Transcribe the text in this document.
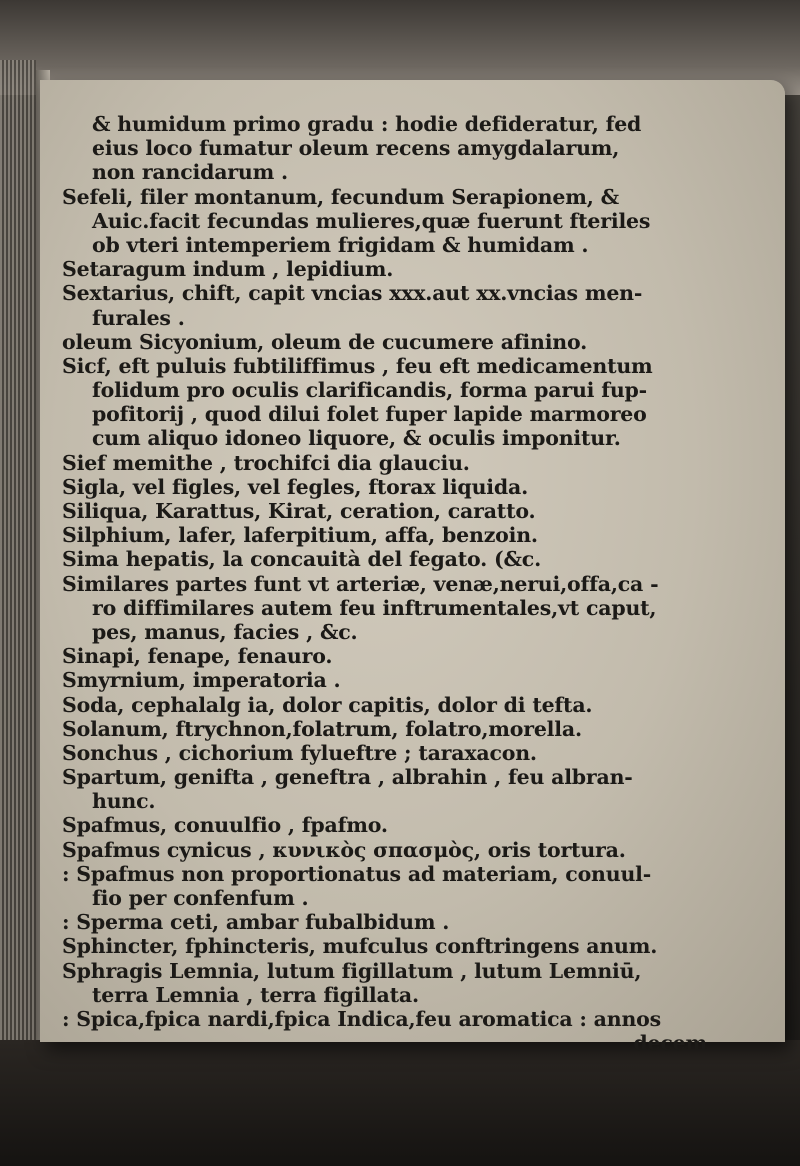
& humidum primo gradu : hodie defideratur, fed
eius loco fumatur oleum recens amygdalarum,
non rancidarum .
Sefeli, filer montanum, fecundum Serapionem, &
Auic.facit fecundas mulieres,quæ fuerunt fteriles
ob vteri intemperiem frigidam & humidam .
Setaragum indum , lepidium.
Sextarius, chift, capit vncias xxx.aut xx.vncias men-
furales .
oleum Sicyonium, oleum de cucumere afinino.
Sicf, eft puluis fubtiliffimus , feu eft medicamentum
folidum pro oculis clarificandis, forma parui fup-
pofitorij , quod dilui folet fuper lapide marmoreo
cum aliquo idoneo liquore, & oculis imponitur.
Sief memithe , trochifci dia glauciu.
Sigla, vel figles, vel fegles, ftorax liquida.
Siliqua, Karattus, Kirat, ceration, caratto.
Silphium, lafer, laferpitium, affa, benzoin.
Sima hepatis, la concauità del fegato. (&c.
Similares partes funt vt arteriæ, venæ,nerui,offa,ca -
ro diffimilares autem feu inftrumentales,vt caput,
pes, manus, facies , &c.
Sinapi, fenape, fenauro.
Smyrnium, imperatoria .
Soda, cephalalg ia, dolor capitis, dolor di tefta.
Solanum, ftrychnon,folatrum, folatro,morella.
Sonchus , cichorium fylueftre ; taraxacon.
Spartum, genifta , geneftra , albrahin , feu albran-
hunc.
Spafmus, conuulfio , fpafmo.
Spafmus cynicus , κυνικὸς σπασμὸς, oris tortura.
: Spafmus non proportionatus ad materiam, conuul-
fio per confenfum .
: Sperma ceti, ambar fubalbidum .
Sphincter, fphincteris, mufculus conftringens anum.
Sphragis Lemnia, lutum figillatum , lutum Lemniū,
terra Lemnia , terra figillata.
: Spica,fpica nardi,fpica Indica,feu aromatica : annos
decem
